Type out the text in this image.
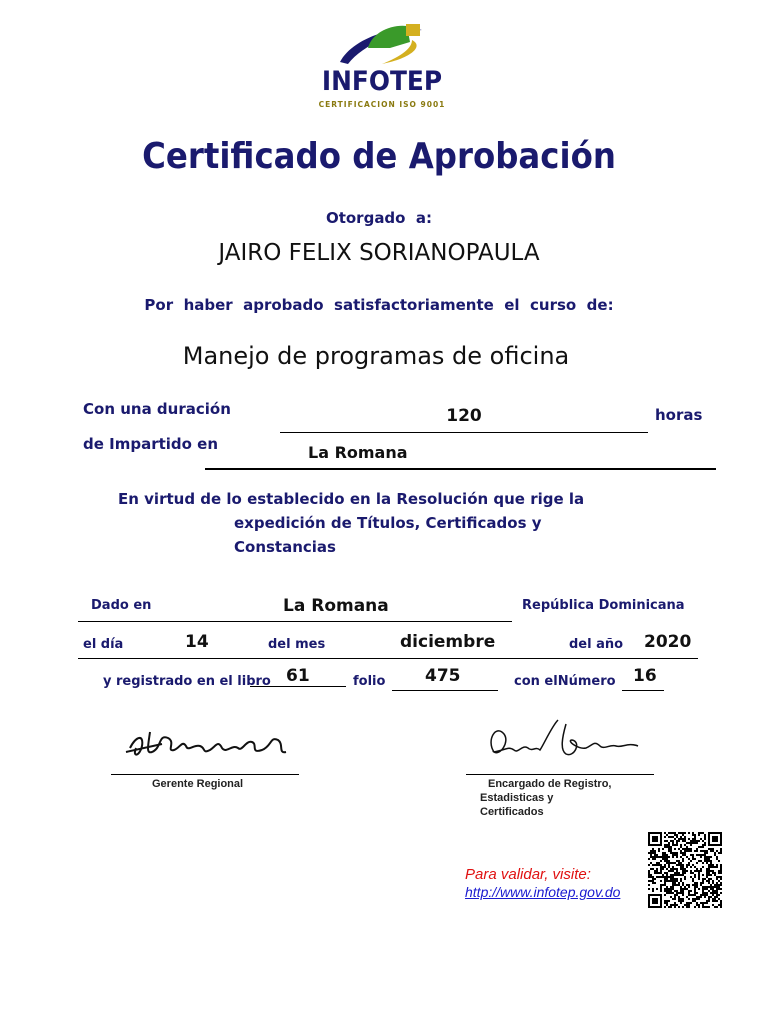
INFOTEP
CERTIFICACION ISO 9001
Certificado de Aprobación
Otorgado  a:
JAIRO FELIX SORIANOPAULA
Por  haber  aprobado  satisfactoriamente  el  curso  de:
Manejo de programas de oficina
Con una duración	120	horas
de Impartido en	La Romana
En virtud de lo establecido en la Resolución que rige la
expedición de Títulos, Certificados y
Constancias
Dado en	La Romana	República Dominicana
el día	14	del mes	diciembre	del año 2020
y registrado en el libro 61	folio 475	con elNúmero 16
Gerente Regional	Encargado de Registro,
Estadisticas y
Certificados
Para validar, visite:
http://www.infotep.gov.do
